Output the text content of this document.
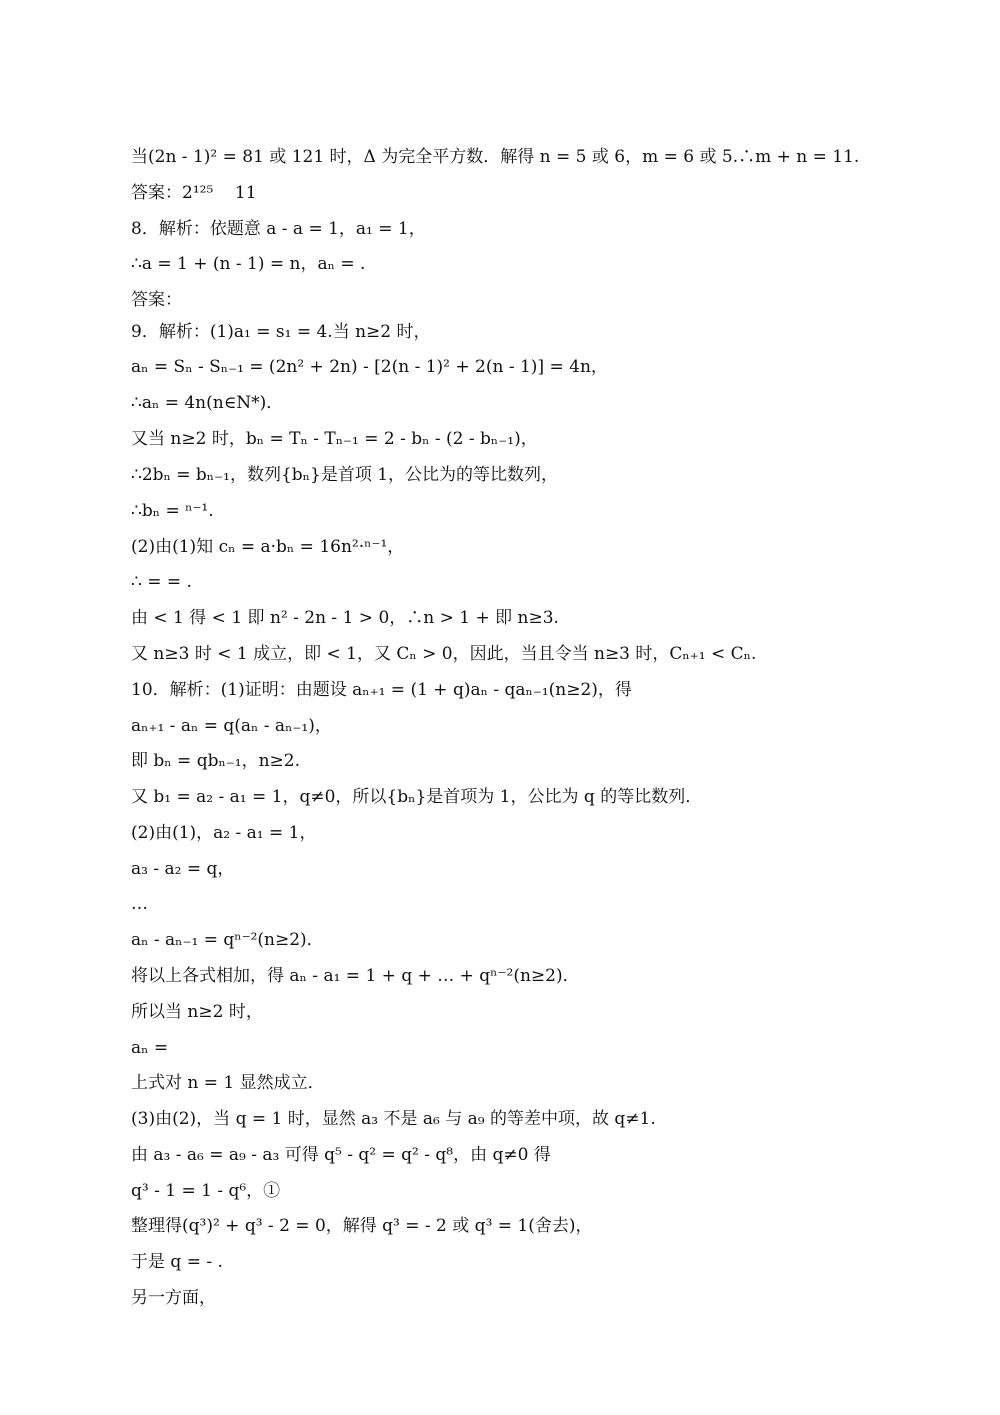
当(2n - 1)² = 81 或 121 时，Δ 为完全平方数．解得 n = 5 或 6，m = 6 或 5.∴m + n = 11.
答案：2¹²⁵    11
8．解析：依题意 a - a = 1，a₁ = 1，
∴a = 1 + (n - 1) = n，aₙ = .
答案：
9．解析：(1)a₁ = s₁ = 4.当 n≥2 时，
aₙ = Sₙ - Sₙ₋₁ = (2n² + 2n) - [2(n - 1)² + 2(n - 1)] = 4n，
∴aₙ = 4n(n∈N*)．
又当 n≥2 时，bₙ = Tₙ - Tₙ₋₁ = 2 - bₙ - (2 - bₙ₋₁)，
∴2bₙ = bₙ₋₁，数列{bₙ}是首项 1，公比为的等比数列，
∴bₙ = ⁿ⁻¹.
(2)由(1)知 cₙ = a·bₙ = 16n²·ⁿ⁻¹，
∴ = = .
由 < 1 得 < 1 即 n² - 2n - 1 > 0，∴n > 1 + 即 n≥3.
又 n≥3 时 < 1 成立，即 < 1，又 Cₙ > 0，因此，当且令当 n≥3 时，Cₙ₊₁ < Cₙ.
10．解析：(1)证明：由题设 aₙ₊₁ = (1 + q)aₙ - qaₙ₋₁(n≥2)，得
aₙ₊₁ - aₙ = q(aₙ - aₙ₋₁)，
即 bₙ = qbₙ₋₁，n≥2.
又 b₁ = a₂ - a₁ = 1，q≠0，所以{bₙ}是首项为 1，公比为 q 的等比数列．
(2)由(1)，a₂ - a₁ = 1，
a₃ - a₂ = q，
…
aₙ - aₙ₋₁ = qⁿ⁻²(n≥2)．
将以上各式相加，得 aₙ - a₁ = 1 + q + … + qⁿ⁻²(n≥2)．
所以当 n≥2 时，
aₙ =
上式对 n = 1 显然成立．
(3)由(2)，当 q = 1 时，显然 a₃ 不是 a₆ 与 a₉ 的等差中项，故 q≠1.
由 a₃ - a₆ = a₉ - a₃ 可得 q⁵ - q² = q² - q⁸，由 q≠0 得
q³ - 1 = 1 - q⁶，①
整理得(q³)² + q³ - 2 = 0，解得 q³ = - 2 或 q³ = 1(舍去)，
于是 q = - .
另一方面，
